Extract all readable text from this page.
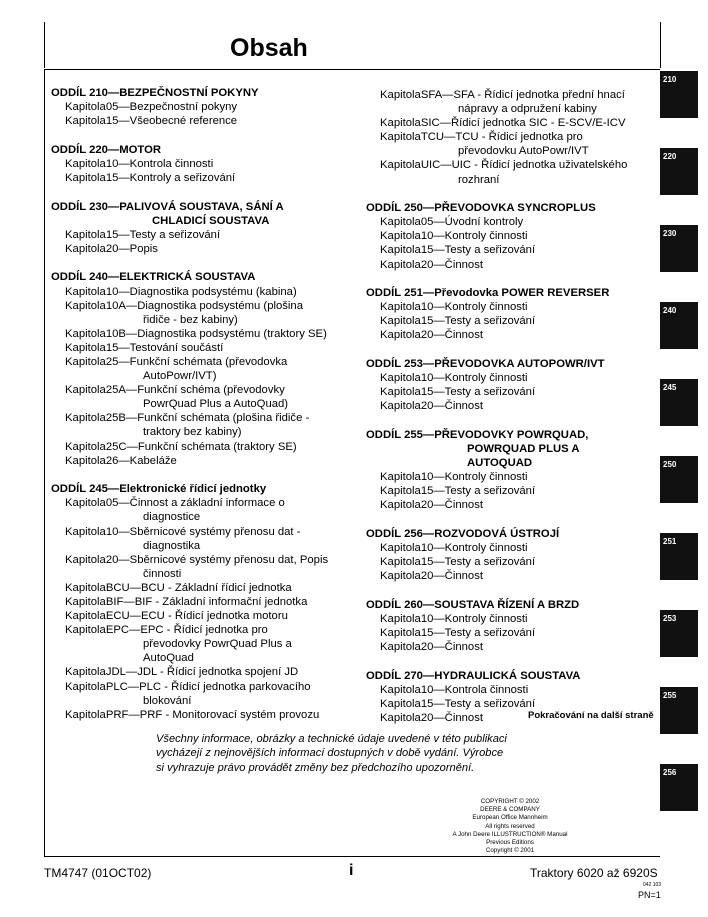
Obsah
ODDÍL 210—BEZPEČNOSTNÍ POKYNY
Kapitola05—Bezpečnostní pokyny
Kapitola15—Všeobecné reference
ODDÍL 220—MOTOR
Kapitola10—Kontrola činnosti
Kapitola15—Kontroly a seřizování
ODDÍL 230—PALIVOVÁ SOUSTAVA, SÁNÍ A
CHLADICÍ SOUSTAVA
Kapitola15—Testy a seřizování
Kapitola20—Popis
ODDÍL 240—ELEKTRICKÁ SOUSTAVA
Kapitola10—Diagnostika podsystému (kabina)
Kapitola10A—Diagnostika podsystému (plošina
řidiče - bez kabiny)
Kapitola10B—Diagnostika podsystému (traktory SE)
Kapitola15—Testování součástí
Kapitola25—Funkční schémata (převodovka
AutoPowr/IVT)
Kapitola25A—Funkční schéma (převodovky
PowrQuad Plus a AutoQuad)
Kapitola25B—Funkční schémata (plošina řidiče -
traktory bez kabiny)
Kapitola25C—Funkční schémata (traktory SE)
Kapitola26—Kabeláže
ODDÍL 245—Elektronické řídicí jednotky
Kapitola05—Činnost a základní informace o
diagnostice
Kapitola10—Sběrnicové systémy přenosu dat -
diagnostika
Kapitola20—Sběrnicové systémy přenosu dat, Popis
činnosti
KapitolaBCU—BCU - Základní řídicí jednotka
KapitolaBIF—BIF - Základní informační jednotka
KapitolaECU—ECU - Řídicí jednotka motoru
KapitolaEPC—EPC - Řídicí jednotka pro
převodovky PowrQuad Plus a
AutoQuad
KapitolaJDL—JDL - Řídicí jednotka spojení JD
KapitolaPLC—PLC - Řídicí jednotka parkovacího
blokování
KapitolaPRF—PRF - Monitorovací systém provozu
KapitolaSFA—SFA - Řídicí jednotka přední hnací
nápravy a odpružení kabiny
KapitolaSIC—Řídicí jednotka SIC - E-SCV/E-ICV
KapitolaTCU—TCU - Řídicí jednotka pro
převodovku AutoPowr/IVT
KapitolaUIC—UIC - Řídicí jednotka uživatelského
rozhraní
ODDÍL 250—PŘEVODOVKA SYNCROPLUS
Kapitola05—Úvodní kontroly
Kapitola10—Kontroly činnosti
Kapitola15—Testy a seřizování
Kapitola20—Činnost
ODDÍL 251—Převodovka POWER REVERSER
Kapitola10—Kontroly činnosti
Kapitola15—Testy a seřizování
Kapitola20—Činnost
ODDÍL 253—PŘEVODOVKA AUTOPOWR/IVT
Kapitola10—Kontroly činnosti
Kapitola15—Testy a seřizování
Kapitola20—Činnost
ODDÍL 255—PŘEVODOVKY POWRQUAD,
POWRQUAD PLUS A
AUTOQUAD
Kapitola10—Kontroly činnosti
Kapitola15—Testy a seřizování
Kapitola20—Činnost
ODDÍL 256—ROZVODOVÁ ÚSTROJÍ
Kapitola10—Kontroly činnosti
Kapitola15—Testy a seřizování
Kapitola20—Činnost
ODDÍL 260—SOUSTAVA ŘÍZENÍ A BRZD
Kapitola10—Kontroly činnosti
Kapitola15—Testy a seřizování
Kapitola20—Činnost
ODDÍL 270—HYDRAULICKÁ SOUSTAVA
Kapitola10—Kontrola činnosti
Kapitola15—Testy a seřizování
Kapitola20—Činnost	Pokračování na další straně
Všechny informace, obrázky a technické údaje uvedené v této publikaci
vycházejí z nejnovějších informací dostupných v době vydání. Výrobce
si vyhrazuje právo provádět změny bez předchozího upozornění.
COPYRIGHT © 2002
DEERE & COMPANY
European Office Mannheim
All rights reserved
A John Deere ILLUSTRUCTION® Manual
Previous Editions
Copyright © 2001
210
220
230
240
245
250
251
253
255
256
TM4747 (01OCT02)	i	Traktory 6020 až 6920S
042 103
PN=1
